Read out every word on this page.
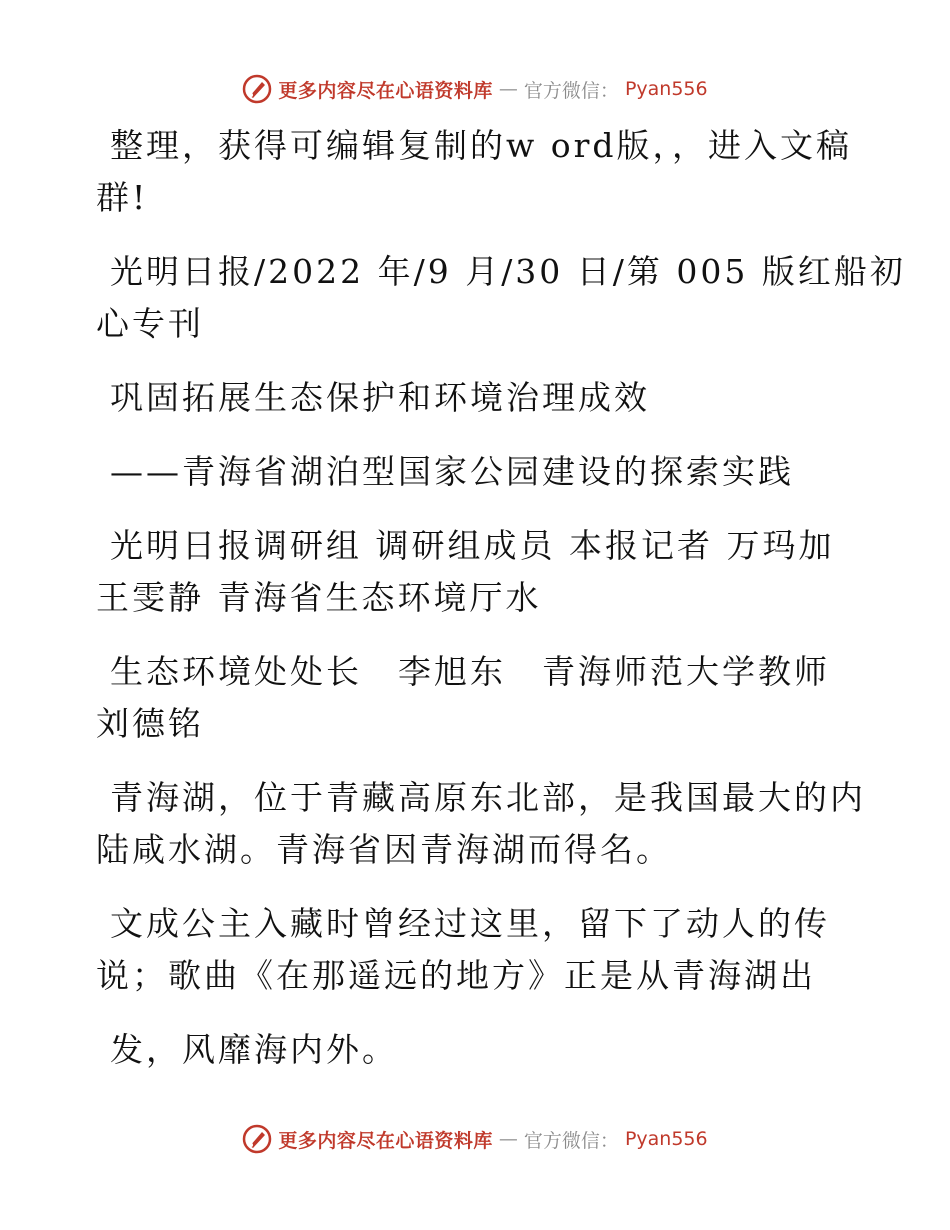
更多内容尽在心语资料库 — 官方微信： Pyan556
整理，获得可编辑复制的w ord版，，进入文稿
群!
光明日报/2022 年/9 月/30 日/第 005 版红船初
心专刊
巩固拓展生态保护和环境治理成效
——青海省湖泊型国家公园建设的探索实践
光明日报调研组 调研组成员 本报记者 万玛加
王雯静 青海省生态环境厅水
生态环境处处长　李旭东　青海师范大学教师
刘德铭
青海湖，位于青藏高原东北部，是我国最大的内
陆咸水湖。青海省因青海湖而得名。
文成公主入藏时曾经过这里，留下了动人的传
说；歌曲《在那遥远的地方》正是从青海湖出
发，风靡海内外。
更多内容尽在心语资料库 — 官方微信： Pyan556
